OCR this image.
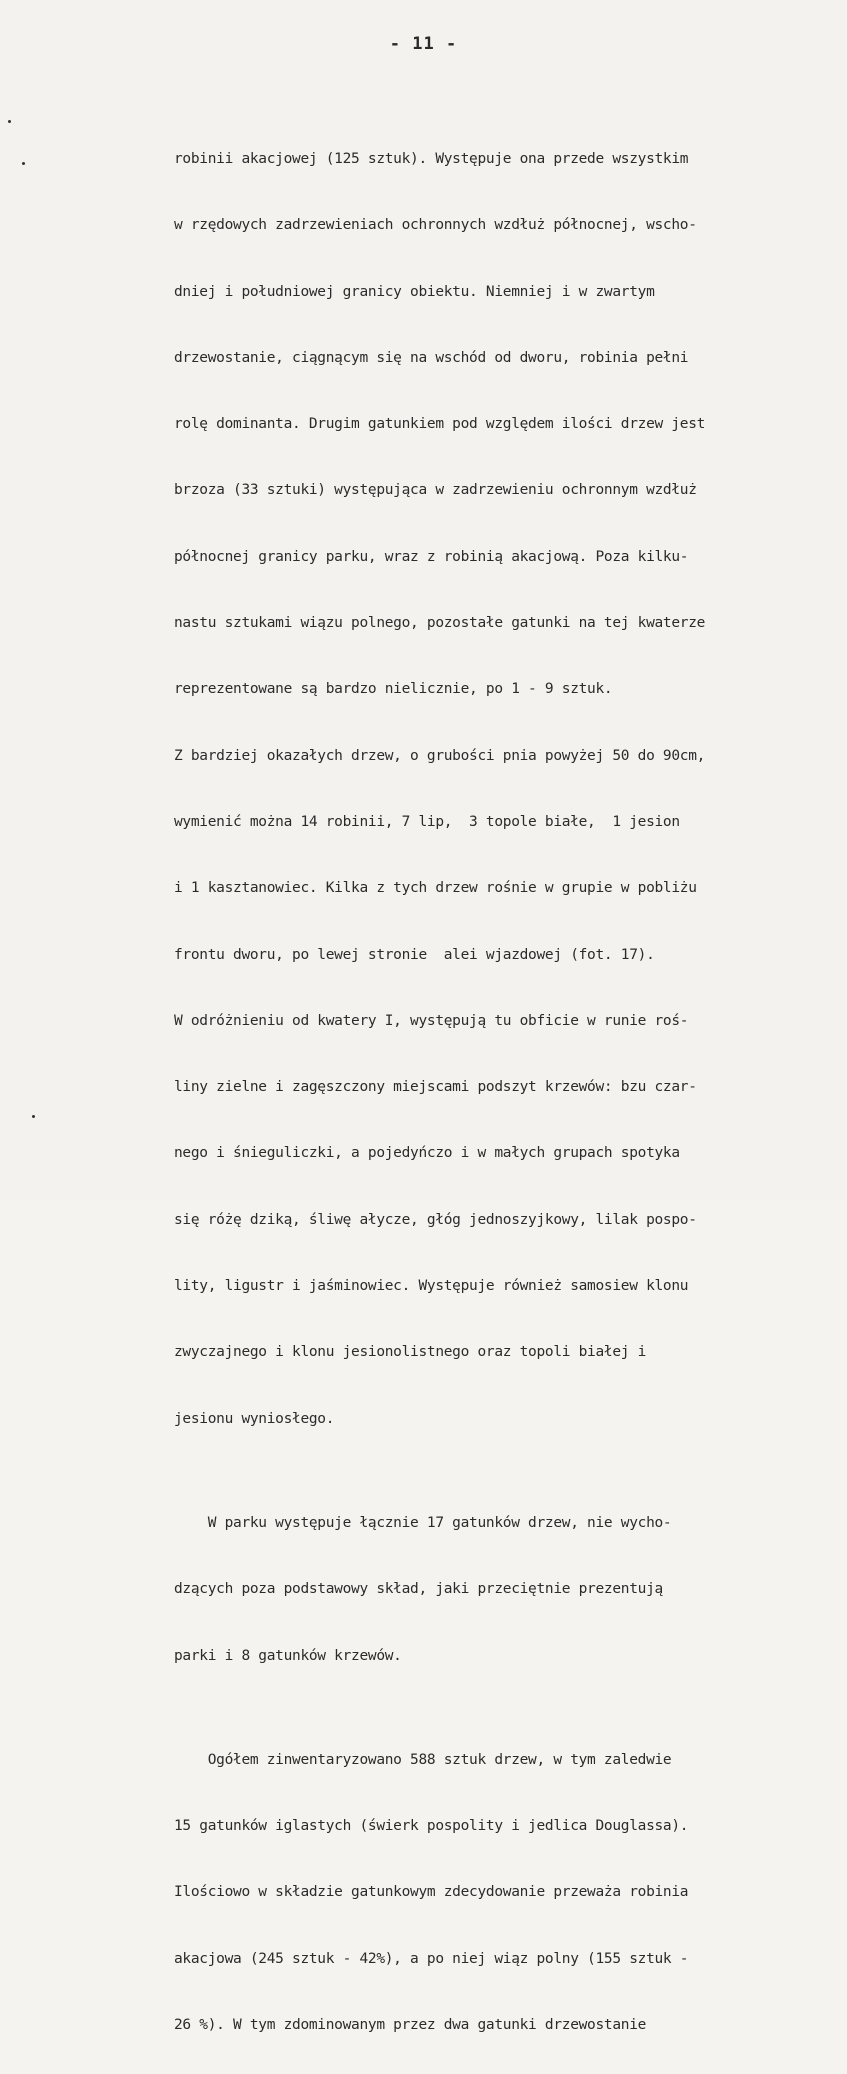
- 11 -

robinii akacjowej (125 sztuk). Występuje ona przede wszystkim

w rzędowych zadrzewieniach ochronnych wzdłuż północnej, wscho-

dniej i południowej granicy obiektu. Niemniej i w zwartym

drzewostanie, ciągnącym się na wschód od dworu, robinia pełni

rolę dominanta. Drugim gatunkiem pod względem ilości drzew jest

brzoza (33 sztuki) występująca w zadrzewieniu ochronnym wzdłuż

północnej granicy parku, wraz z robinią akacjową. Poza kilku-

nastu sztukami wiązu polnego, pozostałe gatunki na tej kwaterze

reprezentowane są bardzo nielicznie, po 1 - 9 sztuk.

Z bardziej okazałych drzew, o grubości pnia powyżej 50 do 90cm,

wymienić można 14 robinii, 7 lip,  3 topole białe,  1 jesion

i 1 kasztanowiec. Kilka z tych drzew rośnie w grupie w pobliżu

frontu dworu, po lewej stronie  alei wjazdowej (fot. 17).

W odróżnieniu od kwatery I, występują tu obficie w runie roś-

liny zielne i zagęszczony miejscami podszyt krzewów: bzu czar-

nego i śnieguliczki, a pojedyńczo i w małych grupach spotyka

się różę dziką, śliwę ałycze, głóg jednoszyjkowy, lilak pospo-

lity, ligustr i jaśminowiec. Występuje również samosiew klonu

zwyczajnego i klonu jesionolistnego oraz topoli białej i

jesionu wyniosłego.

W parku występuje łącznie 17 gatunków drzew, nie wycho-

dzących poza podstawowy skład, jaki przeciętnie prezentują

parki i 8 gatunków krzewów.

Ogółem zinwentaryzowano 588 sztuk drzew, w tym zaledwie

15 gatunków iglastych (świerk pospolity i jedlica Douglassa).

Ilościowo w składzie gatunkowym zdecydowanie przeważa robinia

akacjowa (245 sztuk - 42%), a po niej wiąz polny (155 sztuk -

26 %). W tym zdominowanym przez dwa gatunki drzewostanie
